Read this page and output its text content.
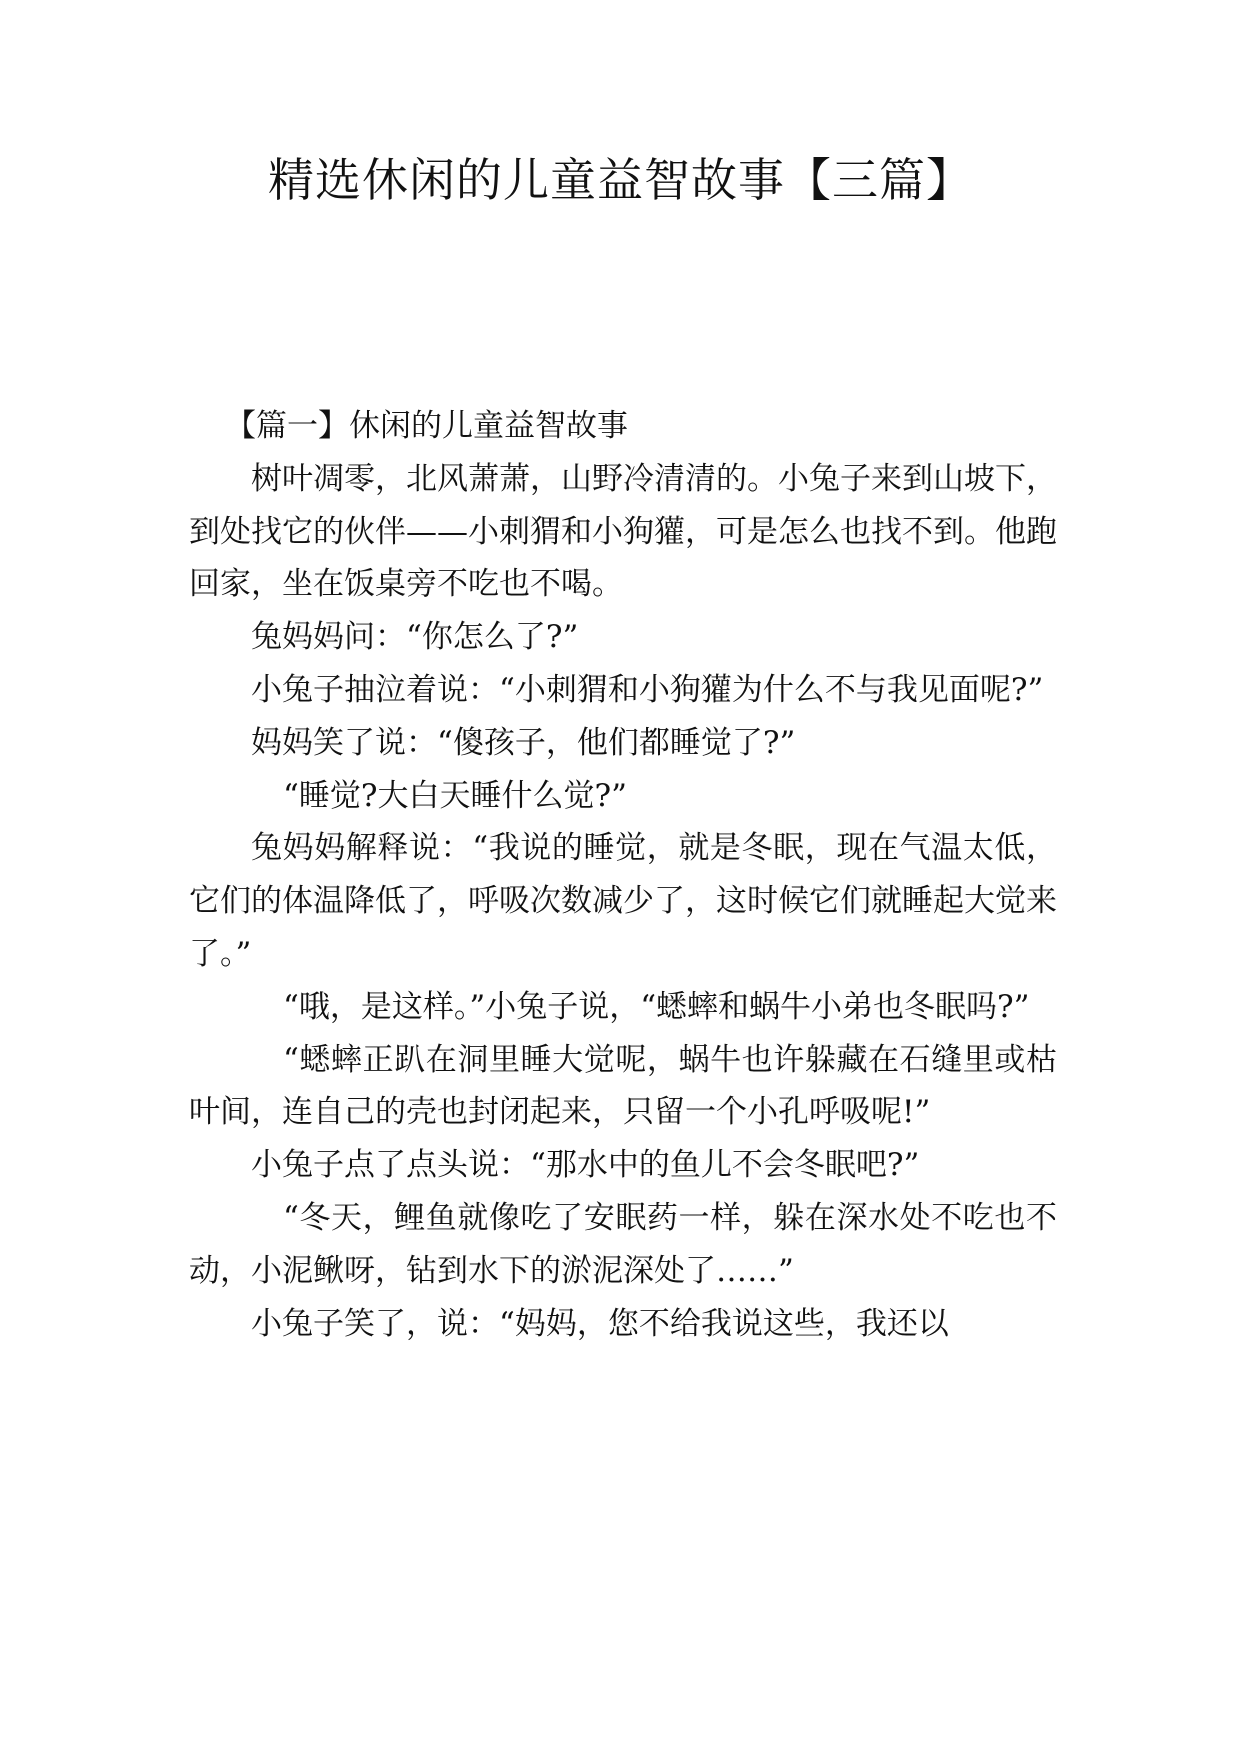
精选休闲的儿童益智故事【三篇】
【篇一】休闲的儿童益智故事

树叶凋零，北风萧萧，山野冷清清的。小兔子来到山坡下，到处找它的伙伴——小刺猬和小狗獾，可是怎么也找不到。他跑回家，坐在饭桌旁不吃也不喝。

兔妈妈问：“你怎么了?”

小兔子抽泣着说：“小刺猬和小狗獾为什么不与我见面呢?”

妈妈笑了说：“傻孩子，他们都睡觉了?”

“睡觉?大白天睡什么觉?”

兔妈妈解释说：“我说的睡觉，就是冬眠，现在气温太低，它们的体温降低了，呼吸次数减少了，这时候它们就睡起大觉来了。”

“哦，是这样。”小兔子说，“蟋蟀和蜗牛小弟也冬眠吗?”

“蟋蟀正趴在洞里睡大觉呢，蜗牛也许躲藏在石缝里或枯叶间，连自己的壳也封闭起来，只留一个小孔呼吸呢!”

小兔子点了点头说：“那水中的鱼儿不会冬眠吧?”

“冬天，鲤鱼就像吃了安眠药一样，躲在深水处不吃也不动，小泥鳅呀，钻到水下的淤泥深处了……”

小兔子笑了，说：“妈妈，您不给我说这些，我还以
